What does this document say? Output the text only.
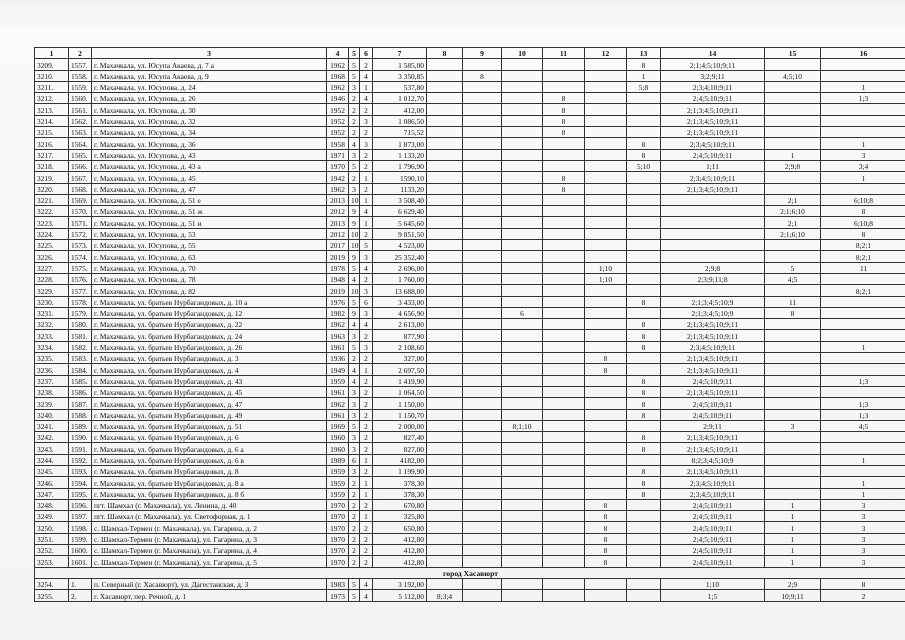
1	2	3	4	5	6	7	8	9	10	11	12	13	14	15	16
3209.	1557.	г. Махачкала, ул. Юсупа Акаева, д. 7 а	1962	5	2	1 585,00						8	2;1;4;5;10;9;11		
3210.	1558.	г. Махачкала, ул. Юсупа Акаева, д. 9	1968	5	4	3 350,85		8				1	3;2;9;11	4;5;10	
3211.	1559.	г. Махачкала, ул. Юсупова, д. 24	1962	3	1	537,80						5;8	2;3;4;10;9;11		1
3212.	1560.	г. Махачкала, ул. Юсупова, д. 26	1946	2	4	1 012,70				8			2;4;5;10;9;11		1;3
3213.	1561.	г. Махачкала, ул. Юсупова, д. 30	1952	2	2	412,00				8			2;1;3;4;5;10;9;11		
3214.	1562.	г. Махачкала, ул. Юсупова, д. 32	1952	2	3	1 086,50				8			2;1;3;4;5;10;9;11		
3215.	1563.	г. Махачкала, ул. Юсупова, д. 34	1952	2	2	715,52				8			2;1;3;4;5;10;9;11		
3216.	1564.	г. Махачкала, ул. Юсупова, д. 36	1958	4	3	1 873,00						8	2;3;4;5;10;9;11		1
3217.	1565.	г. Махачкала, ул. Юсупова, д. 43	1971	3	2	1 133,20						8	2;4;5;10;9;11	1	3
3218.	1566.	г. Махачкала, ул. Юсупова, д. 43 а	1970	5	2	1 796,90						5;10	1;11	2;9;8	3;4
3219.	1567.	г. Махачкала, ул. Юсупова, д. 45	1942	2	1	1590,10				8			2;3;4;5;10;9;11		1
3220.	1568.	г. Махачкала, ул. Юсупова, д. 47	1962	3	2	1133,20				8			2;1;3;4;5;10;9;11		
3221.	1569.	г. Махачкала, ул. Юсупова, д. 51 е	2013	10	1	3 508,40								2;1	6;10;8
3222.	1570.	г. Махачкала, ул. Юсупова, д. 51 ж	2012	9	4	6 629,40								2;1;6;10	8
3223.	1571.	г. Махачкала, ул. Юсупова, д. 51 и	2013	9	1	5 645,60								2;1	6;10;8
3224.	1572.	г. Махачкала, ул. Юсупова, д. 53	2012	10	2	9 851,50								2;1;6;10	8
3225.	1573.	г. Махачкала, ул. Юсупова, д. 55	2017	10	5	4 523,00									8;2;1
3226.	1574.	г. Махачкала, ул. Юсупова, д. 63	2019	9	3	25 352,40									8;2;1
3227.	1575.	г. Махачкала, ул. Юсупова, д. 70	1978	5	4	2 696,00					1;10		2;9;8	5	11
3228.	1576.	г. Махачкала, ул. Юсупова, д. 78	1948	4	2	1 760,00					1;10		2;3;9;11;8	4;5	
3229.	1577.	г. Махачкала, ул. Юсупова, д. 82	2019	10	3	13 688,00									8;2;1
3230.	1578.	г. Махачкала, ул. братьев Нурбагандовых, д. 10 а	1976	5	6	3 433,00						8	2;1;3;4;5;10;9	11	
3231.	1579.	г. Махачкала, ул. братьев Нурбагандовых, д. 12	1982	9	3	4 656,90			6				2;1;3;4;5;10;9	8	
3232.	1580.	г. Махачкала, ул. братьев Нурбагандовых, д. 22	1962	4	4	2 613,00						8	2;1;3;4;5;10;9;11		
3233.	1581.	г. Махачкала, ул. братьев Нурбагандовых, д. 24	1963	3	2	877,90						8	2;1;3;4;5;10;9;11		
3234.	1582.	г. Махачкала, ул. братьев Нурбагандовых, д. 26	1961	5	3	2 108,60						8	2;3;4;5;10;9;11		1
3235.	1583.	г. Махачкала, ул. братьев Нурбагандовых, д. 3	1936	2	2	327,00					8		2;1;3;4;5;10;9;11		
3236.	1584.	г. Махачкала, ул. братьев Нурбагандовых, д. 4	1949	4	1	2 697,50					8		2;1;3;4;5;10;9;11		
3237.	1585.	г. Махачкала, ул. братьев Нурбагандовых, д. 43	1959	4	2	1 419,90						8	2;4;5;10;9;11		1;3
3238.	1586.	г. Махачкала, ул. братьев Нурбагандовых, д. 45	1961	3	2	1 064,50						8	2;1;3;4;5;10;9;11		
3239.	1587.	г. Махачкала, ул. братьев Нурбагандовых, д. 47	1962	3	2	1 150,00						8	2;4;5;10;9;11		1;3
3240.	1588.	г. Махачкала, ул. братьев Нурбагандовых, д. 49	1961	3	2	1 150,70						8	2;4;5;10;9;11		1;3
3241.	1589.	г. Махачкала, ул. братьев Нурбагандовых, д. 51	1969	5	2	2 000,00			8;1;10				2;9;11	3	4;5
3242.	1590.	г. Махачкала, ул. братьев Нурбагандовых, д. 6	1960	3	2	827,40						8	2;1;3;4;5;10;9;11		
3243.	1591.	г. Махачкала, ул. братьев Нурбагандовых, д. 6 а	1960	3	2	827,00						8	2;1;3;4;5;10;9;11		
3244.	1592.	г. Махачкала, ул. братьев Нурбагандовых, д. 6 в	1989	6	1	4182,00							8;2;3;4;5;10;9		1
3245.	1593.	г. Махачкала, ул. братьев Нурбагандовых, д. 8	1959	3	2	1 199,90						8	2;1;3;4;5;10;9;11		
3246.	1594.	г. Махачкала, ул. братьев Нурбагандовых, д. 8 а	1959	2	1	378,30						8	2;3;4;5;10;9;11		1
3247.	1595.	г. Махачкала, ул. братьев Нурбагандовых, д. 8 б	1959	2	1	378,30						8	2;3;4;5;10;9;11		1
3248.	1596.	пгт. Шамхал (г. Махачкала), ул. Ленина, д. 40	1970	2	2	670,80					8		2;4;5;10;9;11	1	3
3249.	1597.	пгт. Шамхал (г. Махачкала), ул. Светофорная, д. 1	1970	2	1	325,80					8		2;4;5;10;9;11	1	3
3250.	1598.	с. Шамхал-Термен (г. Махачкала), ул. Гагарина, д. 2	1970	2	2	650,80					8		2;4;5;10;9;11	1	3
3251.	1599.	с. Шамхал-Термен (г. Махачкала), ул. Гагарина, д. 3	1970	2	2	412,80					8		2;4;5;10;9;11	1	3
3252.	1600.	с. Шамхал-Термен (г. Махачкала), ул. Гагарина, д. 4	1970	2	2	412,80					8		2;4;5;10;9;11	1	3
3253.	1601.	с. Шамхал-Термен (г. Махачкала), ул. Гагарина, д. 5	1970	2	2	412,80					8		2;4;5;10;9;11	1	3
город Хасавюрт															
3254.	1.	п. Северный (г. Хасавюрт), ул. Дагестанская, д. 3	1983	5	4	3 192,00							1;10	2;9	8
3255.	2.	г. Хасавюрт, пер. Речной, д. 1	1973	5	4	5 112,00	8;3;4						1;5	10;9;11	2
